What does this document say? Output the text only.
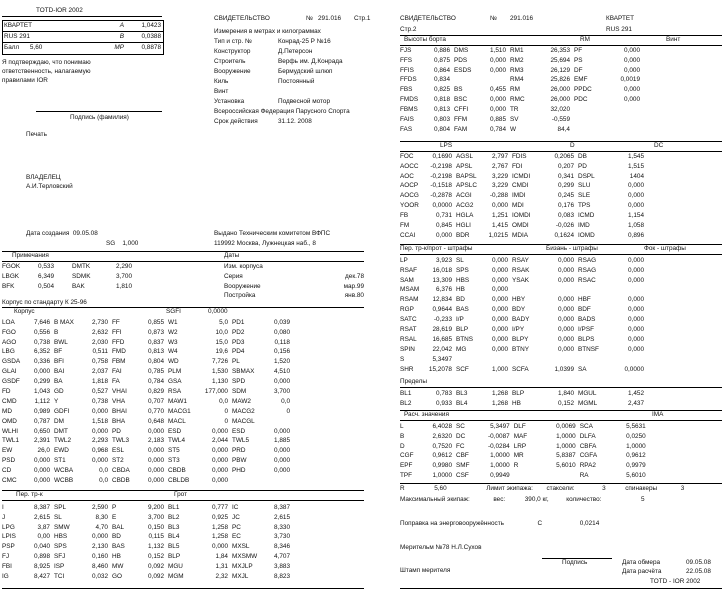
TOTD-IOR 2002
КВАРТЕТ	A	1,0423
RUS 291	B	0,0388
Балл 5,60	MP	0,8878
Я подтверждаю, что понимаю
ответственность, налагаемую
правилами IOR
Подпись (фамилия)
Печать
ВЛАДЕЛЕЦ
А.И.Терловский
СВИДЕТЕЛЬСТВО	№ 291.016 Стр.1
Измерения в метрах и килограммах	
Тип и стр. №	Конрад-25 Р №16
Конструктор	Д.Петерсон
Строитель	Верфь им. Д.Конрада
Вооружение	Бермудский шлюп
Киль	Постоянный
Винт	
Установка	Подвесной мотор
Всероссийская Федерация Парусного Спорта	
Срок действия	31.12. 2008
Дата создания 09.05.08	Выдано Техническим комитетом ВФПС
119992 Москва, Лужнецкая наб., 8
SG 1,000
Примечания	Даты
FGOK	0,533	DMTK	2,290
LBGK	6,349	SDMK	3,700
BFK	0,504	BAK	1,810
Изм. корпуса	
Серия	дек.78
Вооружение	мар.99
Постройка	янв.80
Корпус по стандарту К 25-96
Корпус	SGFI	0,0000
LOA	7,646	B MAX	2,730	FF	0,855	W1	5,0	PD1	0,039
FGO	0,556	B	2,632	FFI	0,873	W2	10,0	PD2	0,080
AGO	0,738	BWL	2,030	FFD	0,837	W3	15,0	PD3	0,118
LBG	6,352	BF	0,511	FMD	0,813	W4	19,6	PD4	0,156
GSDA	0,336	BFI	0,758	FBM	0,804	WD	7,726	PL	1,520
GLAI	0,000	BAI	2,037	FAI	0,785	PLM	1,530	SBMAX	4,510
GSDF	0,299	BA	1,818	FA	0,784	GSA	1,130	SPD	0,000
FD	1,043	GD	0,527	VHAI	0,829	RSA	177,000	SDM	3,700
CMD	1,112	Y	0,738	VHA	0,707	MAW1	0,0	MAW2	0,0
MD	0,989	GDFI	0,000	BHAI	0,770	MACG1	0	MACG2	0
OMD	0,787	DM	1,518	BHA	0,648	MACL	0	MACGL	
WLHI	0,650	DMT	0,000	PD	0,000	ESD	0,000	ESD	0,000
TWL1	2,391	TWL2	2,293	TWL3	2,183	TWL4	2,044	TWL5	1,885
EW	26,0	EWD	0,968	ESL	0,000	ST5	0,000	PRD	0,000
PSD	0,000	ST1	0,000	ST2	0,000	ST3	0,000	PBW	0,000
CD	0,000	WCBA	0,0	CBDA	0,000	CBDB	0,000	PHD	0,000
CMC	0,000	WCBB	0,0	CBDB	0,000	CBLDB	0,000		
Пер. тр-к	Грот
I	8,387	SPL	2,590	P	9,200	BL1	0,777	IC	8,387
J	2,615	SL	8,30	E	3,700	BL2	0,925	JC	2,615
LPG	3,87	SMW	4,70	BAL	0,150	BL3	1,258	PC	8,330
LPIS	0,00	HBS	0,000	BD	0,115	BL4	1,258	EC	3,730
PSP	0,040	SPS	2,130	BAS	1,132	BL5	0,000	MXSL	8,346
FJ	0,898	SFJ	0,160	HB	0,152	BLP	1,84	MXSMW	4,707
FBI	8,925	ISP	8,460	MW	0,092	MGU	1,31	MXJLP	3,883
IG	8,427	TCI	0,032	GO	0,092	MGM	2,32	MXJL	8,823
СВИДЕТЕЛЬСТВО	№ 291.016	КВАРТЕТ
Стр.2	RUS 291
Высоты борта	RM	Винт
FJS	0,886	DMS	1,510	RM1	26,353	PF	0,000
FFS	0,875	PDS	0,000	RM2	25,694	PS	0,000
FFIS	0,864	ESDS	0,000	RM3	26,129	DF	0,000
FFDS	0,834			RM4	25,826	EMF	0,0019
FBS	0,825	BS	0,455	RM	26,000	PPDC	0,000
FMDS	0,818	BSC	0,000	RMC	26,000	PDC	0,000
FBMS	0,813	CFFI	0,000	TR	32,020		
FAIS	0,803	FFM	0,885	SV	-0,559		
FAS	0,804	FAM	0,784	W	84,4		
LPS	D	DC
FOC	0,1690	AGSL	2,797	FDIS	0,2065	DB	1,545
AOCC	-0,2198	APSL	2,767	FDI	0,207	PD	1,515
AOC	-0,2198	BAPSL	3,229	ICMDI	0,341	DSPL	1404
AOCP	-0,1518	APSLC	3,229	CMDI	0,299	SLU	0,000
AOCG	-0,2878	ACGI	-0,288	IMDI	0,245	SLE	0,000
YOOR	0,0000	ACG2	0,000	MDI	0,176	TPS	0,000
FB	0,731	HGLA	1,251	IOMDI	0,083	ICMD	1,154
FM	0,845	HGLI	1,415	OMDI	-0,026	IMD	1,058
CCAI	0,000	BDR	1,0215	MDIA	0,1624	IOMD	0,896
Пер. тр-к/прот - штрафы	Бизань - штрафы	Фок - штрафы
LP	3,923	SL	0,000	RSAY	0,000	RSAG	0,000
RSAF	16,018	SPS	0,000	RSAK	0,000	RSAG	0,000
SAM	13,309	HBS	0,000	YSAK	0,000	RSAC	0,000
MSAM	6,376	HB	0,000				
RSAM	12,834	BD	0,000	HBY	0,000	HBF	0,000
RGP	0,9644	BAS	0,000	BDY	0,000	BDF	0,000
SATC	-0,233	I/P	0,000	BADY	0,000	BADS	0,000
RSAT	28,619	BLP	0,000	I/PY	0,000	I/PSF	0,000
RSAL	16,685	BTNS	0,000	BLPY	0,000	BLPS	0,000
SPIN	22,042	MG	0,000	BTNY	0,000	BTNSF	0,000
S	5,3497						
SHR	15,2078	SCF	1,000	SCFA	1,0399	SA	0,0000
Пределы
BL1	0,783	BL3	1,268	BLP	1,840	MGUL	1,452
BL2	0,933	BL4	1,268	HB	0,152	MGML	2,437
Расч. значения	IMA
L	6,4028	SC	5,3497	DLF	0,0069	SCA	5,5631
B	2,6320	DC	-0,0087	MAF	1,0000	DLFA	0,0250
D	0,7520	FC	-0,0284	LRP	1,0000	CBFA	1,0000
CGF	0,9612	CBF	1,0000	MR	5,8387	CGFA	0,9612
EPF	0,9980	SMF	1,0000	R	5,6010	RPA2	0,9979
TPF	1,0000	CSF	0,9949			RA	5,6010
R	5,60	Лимит экипажа: стаксели:	3	спинакеры	3
Максимальный экипаж:	вес:	390,0 кг,	количество:	5
Поправка на энерговооружённость	C	0,0214
Мерительм №78 Н.Л.Сухов
Подпись
Штамп мерителя
Дата обмера	09.05.08
Дата расчёта	22.05.08
TOTD - IOR 2002
